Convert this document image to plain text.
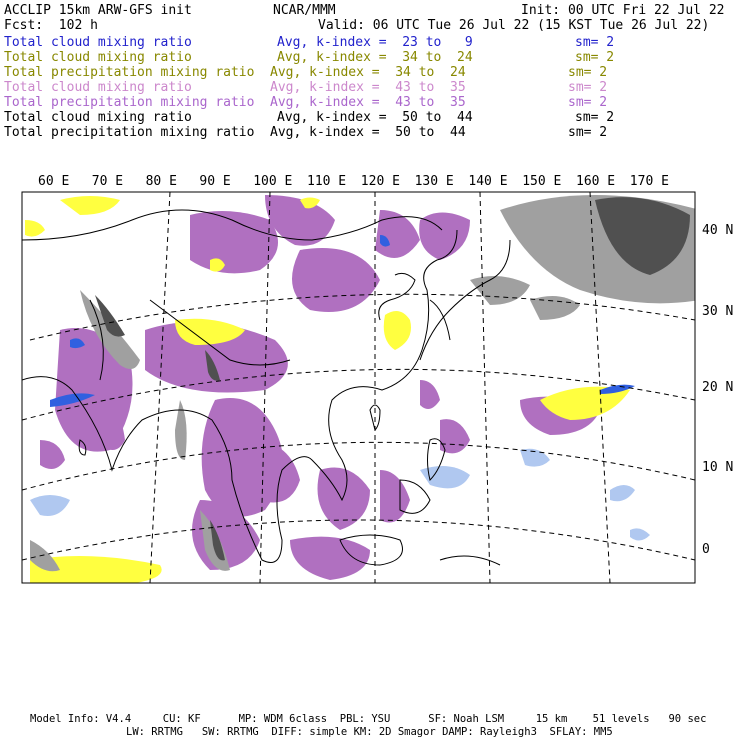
ACCLIP 15km ARW-GFS init	NCAR/MMM	Init: 00 UTC Fri 22 Jul 22
Fcst:  102 h	Valid: 06 UTC Tue 26 Jul 22 (15 KST Tue 26 Jul 22)
Total cloud mixing ratio	Avg, k-index =  23 to   9	sm= 2
Total cloud mixing ratio	Avg, k-index =  34 to  24	sm= 2
Total precipitation mixing ratio Avg, k-index =  34 to  24	sm= 2
Total cloud mixing ratio	Avg, k-index =  43 to  35	sm= 2
Total precipitation mixing ratio Avg, k-index =  43 to  35	sm= 2
Total cloud mixing ratio	Avg, k-index =  50 to  44	sm= 2
Total precipitation mixing ratio Avg, k-index =  50 to  44	sm= 2
60 E 70 E 80 E 90 E 100 E 110 E 120 E 130 E 140 E 150 E 160 E 170 E
40 N
30 N
20 N
10 N
0
Model Info: V4.4     CU: KF      MP: WDM 6class  PBL: YSU      SF: Noah LSM     15 km    51 levels   90 sec
LW: RRTMG   SW: RRTMG  DIFF: simple KM: 2D Smagor DAMP: Rayleigh3  SFLAY: MM5
